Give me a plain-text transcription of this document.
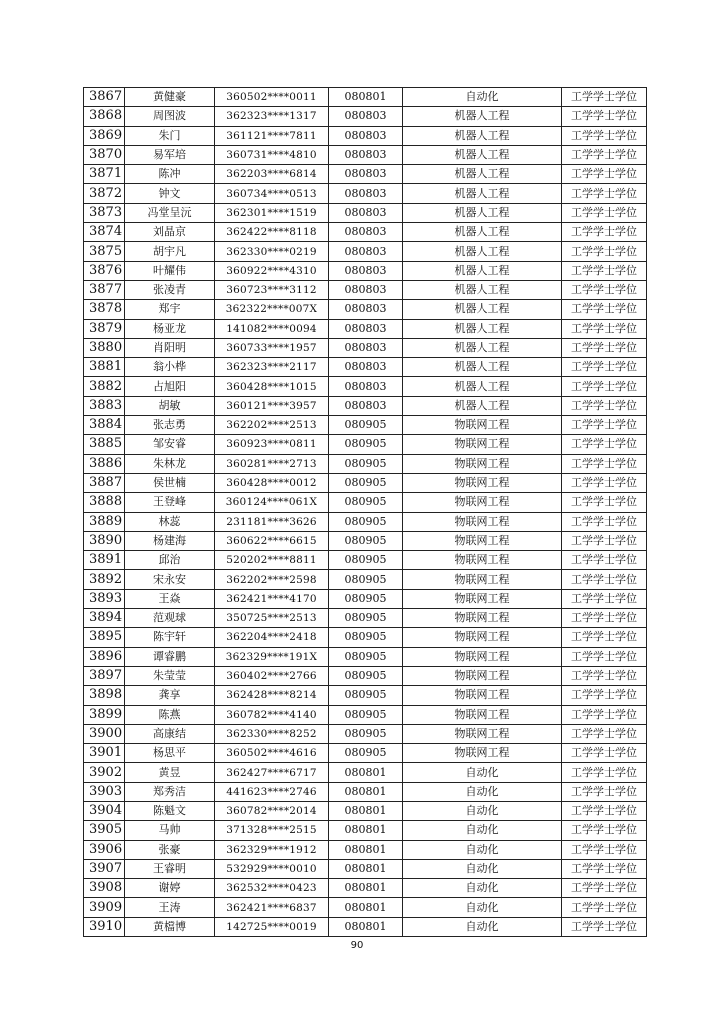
3867	黄健豪	360502****0011	080801	自动化	工学学士学位
3868	周图波	362323****1317	080803	机器人工程	工学学士学位
3869	朱门	361121****7811	080803	机器人工程	工学学士学位
3870	易军培	360731****4810	080803	机器人工程	工学学士学位
3871	陈冲	362203****6814	080803	机器人工程	工学学士学位
3872	钟文	360734****0513	080803	机器人工程	工学学士学位
3873	冯堂呈沅	362301****1519	080803	机器人工程	工学学士学位
3874	刘晶京	362422****8118	080803	机器人工程	工学学士学位
3875	胡宇凡	362330****0219	080803	机器人工程	工学学士学位
3876	叶耀伟	360922****4310	080803	机器人工程	工学学士学位
3877	张凌青	360723****3112	080803	机器人工程	工学学士学位
3878	郑宇	362322****007X	080803	机器人工程	工学学士学位
3879	杨亚龙	141082****0094	080803	机器人工程	工学学士学位
3880	肖阳明	360733****1957	080803	机器人工程	工学学士学位
3881	翁小桦	362323****2117	080803	机器人工程	工学学士学位
3882	占旭阳	360428****1015	080803	机器人工程	工学学士学位
3883	胡敏	360121****3957	080803	机器人工程	工学学士学位
3884	张志勇	362202****2513	080905	物联网工程	工学学士学位
3885	邹安睿	360923****0811	080905	物联网工程	工学学士学位
3886	朱林龙	360281****2713	080905	物联网工程	工学学士学位
3887	侯世楠	360428****0012	080905	物联网工程	工学学士学位
3888	王登峰	360124****061X	080905	物联网工程	工学学士学位
3889	林蕊	231181****3626	080905	物联网工程	工学学士学位
3890	杨建海	360622****6615	080905	物联网工程	工学学士学位
3891	邱治	520202****8811	080905	物联网工程	工学学士学位
3892	宋永安	362202****2598	080905	物联网工程	工学学士学位
3893	王焱	362421****4170	080905	物联网工程	工学学士学位
3894	范观球	350725****2513	080905	物联网工程	工学学士学位
3895	陈宇轩	362204****2418	080905	物联网工程	工学学士学位
3896	谭睿鹏	362329****191X	080905	物联网工程	工学学士学位
3897	朱莹莹	360402****2766	080905	物联网工程	工学学士学位
3898	龚享	362428****8214	080905	物联网工程	工学学士学位
3899	陈燕	360782****4140	080905	物联网工程	工学学士学位
3900	高康结	362330****8252	080905	物联网工程	工学学士学位
3901	杨思平	360502****4616	080905	物联网工程	工学学士学位
3902	黄昱	362427****6717	080801	自动化	工学学士学位
3903	郑秀洁	441623****2746	080801	自动化	工学学士学位
3904	陈魁文	360782****2014	080801	自动化	工学学士学位
3905	马帅	371328****2515	080801	自动化	工学学士学位
3906	张豪	362329****1912	080801	自动化	工学学士学位
3907	王睿明	532929****0010	080801	自动化	工学学士学位
3908	谢婷	362532****0423	080801	自动化	工学学士学位
3909	王涛	362421****6837	080801	自动化	工学学士学位
3910	黄檔博	142725****0019	080801	自动化	工学学士学位
90
